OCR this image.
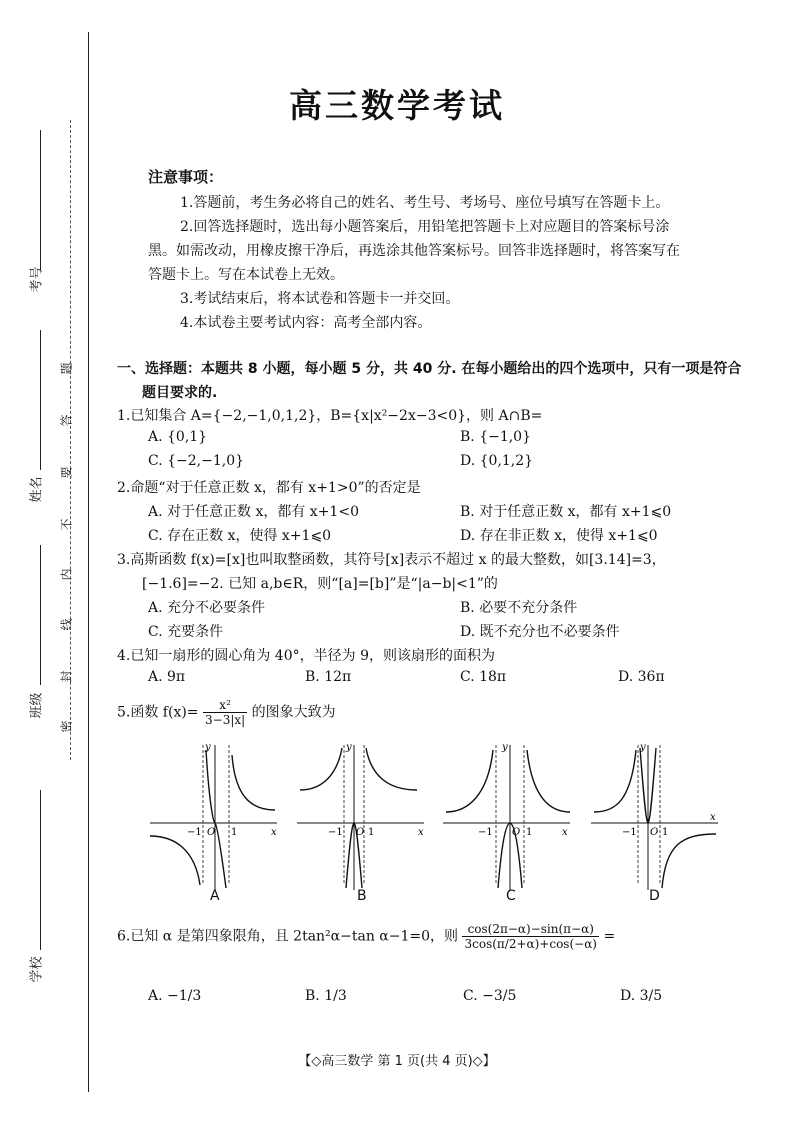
考号
姓名
班级
学校
题
答
要
不
内
线
封
密
高三数学考试
注意事项：
1.答题前，考生务必将自己的姓名、考生号、考场号、座位号填写在答题卡上。
2.回答选择题时，选出每小题答案后，用铅笔把答题卡上对应题目的答案标号涂
黑。如需改动，用橡皮擦干净后，再选涂其他答案标号。回答非选择题时，将答案写在
答题卡上。写在本试卷上无效。
3.考试结束后，将本试卷和答题卡一并交回。
4.本试卷主要考试内容：高考全部内容。
一、选择题：本题共 8 小题，每小题 5 分，共 40 分. 在每小题给出的四个选项中，只有一项是符合
题目要求的.
1.已知集合 A={−2,−1,0,1,2}，B={x|x²−2x−3<0}，则 A∩B=
A. {0,1}	B. {−1,0}
C. {−2,−1,0}	D. {0,1,2}
2.命题“对于任意正数 x，都有 x+1>0”的否定是
A. 对于任意正数 x，都有 x+1<0	B. 对于任意正数 x，都有 x+1⩽0
C. 存在正数 x，使得 x+1⩽0	D. 存在非正数 x，使得 x+1⩽0
3.高斯函数 f(x)=[x]也叫取整函数，其符号[x]表示不超过 x 的最大整数，如[3.14]=3，
[−1.6]=−2. 已知 a,b∈R，则“[a]=[b]”是“|a−b|<1”的
A. 充分不必要条件	B. 必要不充分条件
C. 充要条件	D. 既不充分也不必要条件
4.已知一扇形的圆心角为 40°，半径为 9，则该扇形的面积为
A. 9π	B. 12π	C. 18π	D. 36π
5.函数 $f(x)= \frac{\text{x²}}{3-3|x|}$ 的图象大致为
y
x
O
−1	1
y
x
O
−1	1
y
x
O
−1	1
y
x
O
−1	1
A	B	C	D
6.已知 α 是第四象限角，且 2tan²α−tan α−1=0，则 $\frac{\cos(2\pi-\alpha)-\sin(\pi-\alpha)}{3\cos(\pi/2+\alpha)+\cos(-\alpha)}$ =
A. −1/3	B. 1/3	C. −3/5	D. 3/5
【◇高三数学 第 1 页(共 4 页)◇】
